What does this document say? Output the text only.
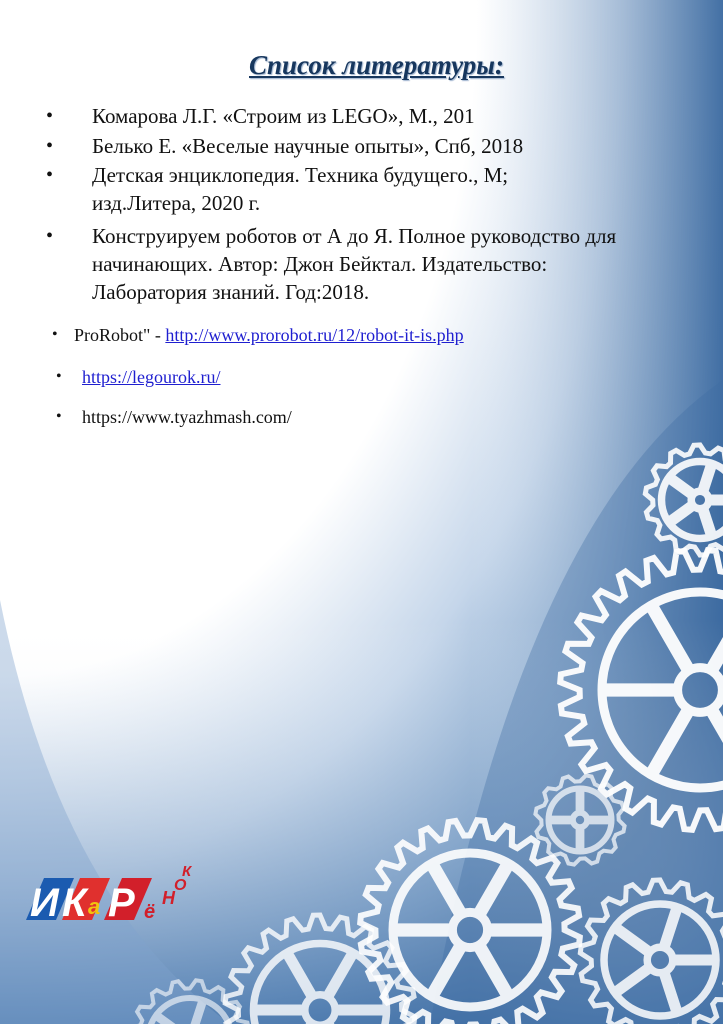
Список литературы:
• Комарова Л.Г. «Строим из LEGO», М., 201
• Белько Е. «Веселые научные опыты», Спб, 2018
• Детская энциклопедия. Техника будущего., М; изд.Литера, 2020 г.
• Конструируем роботов от А до Я. Полное руководство для начинающих. Автор: Джон Бейктал. Издательство: Лаборатория знаний. Год:2018.
• ProRobot" - http://www.prorobot.ru/12/robot-it-is.php
• https://legourok.ru/
• https://www.tyazhmash.com/
И К а Р ё
Н
О
К
